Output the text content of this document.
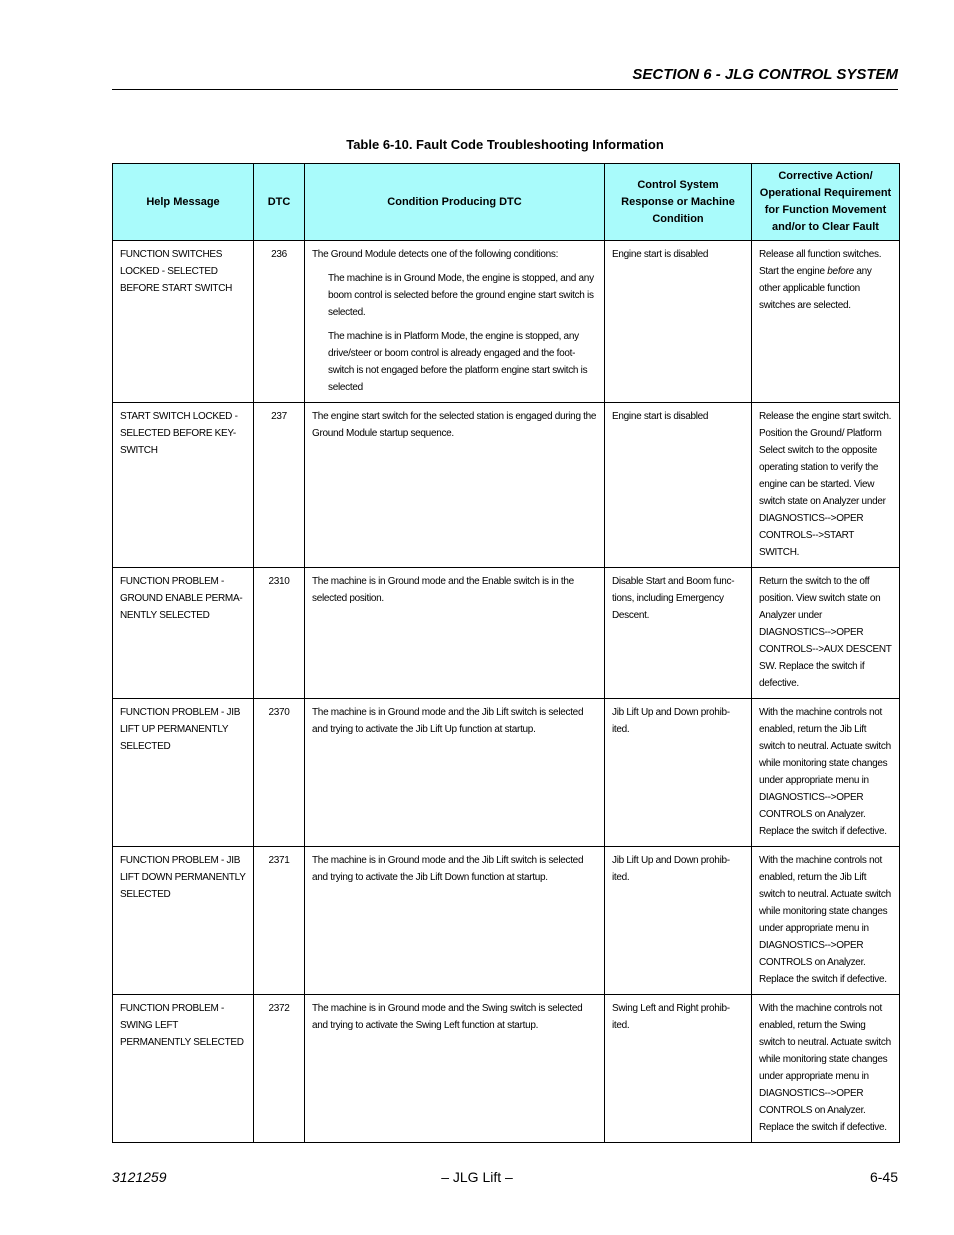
SECTION 6 - JLG CONTROL SYSTEM
Table 6-10. Fault Code Troubleshooting Information
Help Message	DTC	Condition Producing DTC	Control System Response or Machine Condition	Corrective Action/ Operational Requirement for Function Movement and/or to Clear Fault
FUNCTION SWITCHES LOCKED - SELECTED BEFORE START SWITCH	236	The Ground Module detects one of the following conditions:

The machine is in Ground Mode, the engine is stopped, and any boom control is selected before the ground engine start switch is selected.

The machine is in Platform Mode, the engine is stopped, any drive/steer or boom control is already engaged and the foot-switch is not engaged before the platform engine start switch is selected	Engine start is disabled	Release all function switches. Start the engine before any other applicable function switches are selected.
START SWITCH LOCKED - SELECTED BEFORE KEY-SWITCH	237	The engine start switch for the selected station is engaged during the Ground Module startup sequence.	Engine start is disabled	Release the engine start switch. Position the Ground/ Platform Select switch to the opposite operating station to verify the engine can be started. View switch state on Analyzer under DIAGNOSTICS-->OPER CONTROLS-->START SWITCH.
FUNCTION PROBLEM - GROUND ENABLE PERMA-NENTLY SELECTED	2310	The machine is in Ground mode and the Enable switch is in the selected position.	Disable Start and Boom func-tions, including Emergency Descent.	Return the switch to the off position. View switch state on Analyzer under DIAGNOSTICS-->OPER CONTROLS-->AUX DESCENT SW. Replace the switch if defective.
FUNCTION PROBLEM - JIB LIFT UP PERMANENTLY SELECTED	2370	The machine is in Ground mode and the Jib Lift switch is selected and trying to activate the Jib Lift Up function at startup.	Jib Lift Up and Down prohib-ited.	With the machine controls not enabled, return the Jib Lift switch to neutral. Actuate switch while monitoring state changes under appropriate menu in DIAGNOSTICS-->OPER CONTROLS on Analyzer. Replace the switch if defective.
FUNCTION PROBLEM - JIB LIFT DOWN PERMANENTLY SELECTED	2371	The machine is in Ground mode and the Jib Lift switch is selected and trying to activate the Jib Lift Down function at startup.	Jib Lift Up and Down prohib-ited.	With the machine controls not enabled, return the Jib Lift switch to neutral. Actuate switch while monitoring state changes under appropriate menu in DIAGNOSTICS-->OPER CONTROLS on Analyzer. Replace the switch if defective.
FUNCTION PROBLEM - SWING LEFT PERMANENTLY SELECTED	2372	The machine is in Ground mode and the Swing switch is selected and trying to activate the Swing Left function at startup.	Swing Left and Right prohib-ited.	With the machine controls not enabled, return the Swing switch to neutral. Actuate switch while monitoring state changes under appropriate menu in DIAGNOSTICS-->OPER CONTROLS on Analyzer. Replace the switch if defective.
3121259	– JLG Lift –	6-45
